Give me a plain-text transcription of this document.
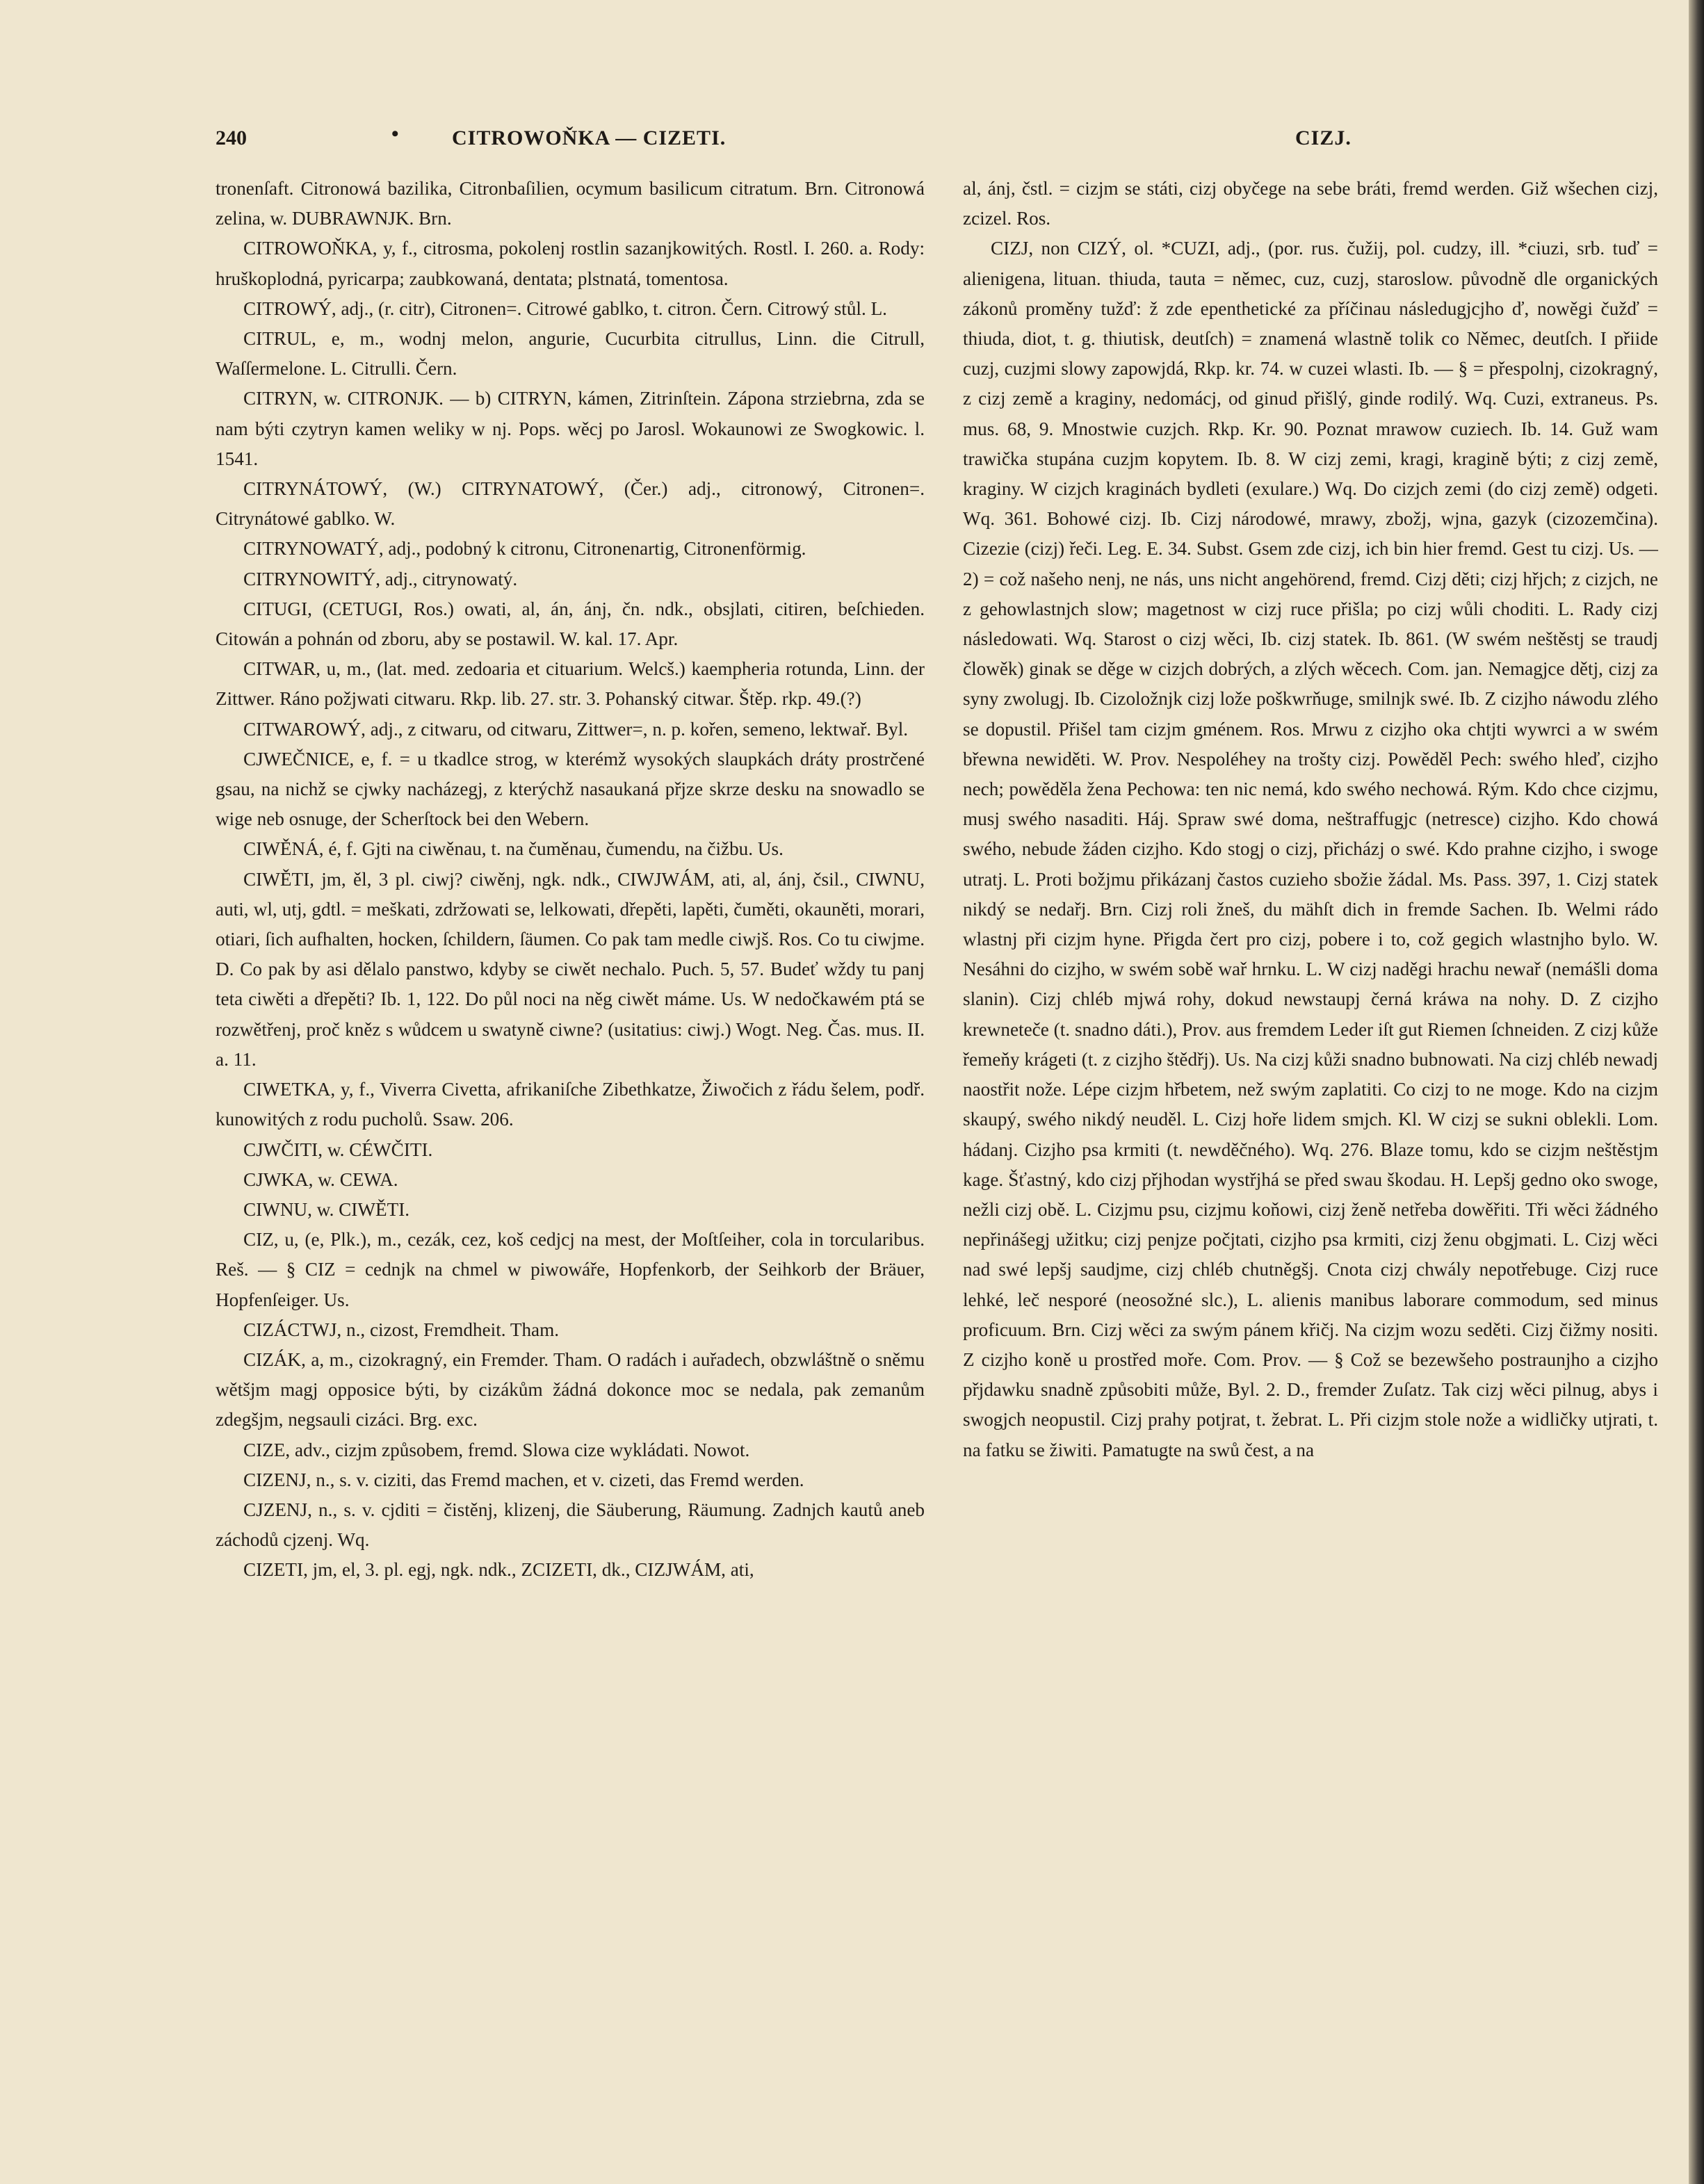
240	•	CITROWOŇKA — CIZETI.	CIZJ.

tronenſaft. Citronowá bazilika, Citronbaſilien, ocymum basilicum citratum. Brn. Citronowá zelina, w. DUBRAWNJK. Brn.

CITROWOŇKA, y, f., citrosma, pokolenj rostlin sazanjkowitých. Rostl. I. 260. a. Rody: hruškoplodná, pyricarpa; zaubkowaná, dentata; plstnatá, tomentosa.

CITROWÝ, adj., (r. citr), Citronen=. Citrowé gablko, t. citron. Čern. Citrowý stůl. L.

CITRUL, e, m., wodnj melon, angurie, Cucurbita citrullus, Linn. die Citrull, Waſſermelone. L. Citrulli. Čern.

CITRYN, w. CITRONJK. — b) CITRYN, kámen, Zitrinſtein. Zápona strziebrna, zda se nam býti czytryn kamen weliky w nj. Pops. wěcj po Jarosl. Wokaunowi ze Swogkowic. l. 1541.

CITRYNÁTOWÝ, (W.) CITRYNATOWÝ, (Čer.) adj., citronowý, Citronen=. Citrynátowé gablko. W.

CITRYNOWATÝ, adj., podobný k citronu, Citronenartig, Citronenförmig.

CITRYNOWITÝ, adj., citrynowatý.

CITUGI, (CETUGI, Ros.) owati, al, án, ánj, čn. ndk., obsjlati, citiren, beſchieden. Citowán a pohnán od zboru, aby se postawil. W. kal. 17. Apr.

CITWAR, u, m., (lat. med. zedoaria et cituarium. Welcš.) kaempheria rotunda, Linn. der Zittwer. Ráno požjwati citwaru. Rkp. lib. 27. str. 3. Pohanský citwar. Štěp. rkp. 49.(?)

CITWAROWÝ, adj., z citwaru, od citwaru, Zittwer=, n. p. kořen, semeno, lektwař. Byl.

CJWEČNICE, e, f. = u tkadlce strog, w kterémž wysokých slaupkách dráty prostrčené gsau, na nichž se cjwky nacházegj, z kterýchž nasaukaná přjze skrze desku na snowadlo se wige neb osnuge, der Scherſtock bei den Webern.

CIWĚNÁ, é, f. Gjti na ciwěnau, t. na čuměnau, čumendu, na čižbu. Us.

CIWĚTI, jm, ěl, 3 pl. ciwj? ciwěnj, ngk. ndk., CIWJWÁM, ati, al, ánj, čsil., CIWNU, auti, wl, utj, gdtl. = meškati, zdržowati se, lelkowati, dřepěti, lapěti, čuměti, okauněti, morari, otiari, ſich aufhalten, hocken, ſchildern, ſäumen. Co pak tam medle ciwjš. Ros. Co tu ciwjme. D. Co pak by asi dělalo panstwo, kdyby se ciwět nechalo. Puch. 5, 57. Budeť wždy tu panj teta ciwěti a dřepěti? Ib. 1, 122. Do půl noci na něg ciwět máme. Us. W nedočkawém ptá se rozwětřenj, proč kněz s wůdcem u swatyně ciwne? (usitatius: ciwj.) Wogt. Neg. Čas. mus. II. a. 11.

CIWETKA, y, f., Viverra Civetta, afrikaniſche Zibethkatze, Žiwočich z řádu šelem, podř. kunowitých z rodu pucholů. Ssaw. 206.

CJWČITI, w. CÉWČITI.

CJWKA, w. CEWA.

CIWNU, w. CIWĚTI.

CIZ, u, (e, Plk.), m., cezák, cez, koš cedjcj na mest, der Moſtſeiher, cola in torcularibus. Reš. — § CIZ = cednjk na chmel w piwowáře, Hopfenkorb, der Seihkorb der Bräuer, Hopfenſeiger. Us.

CIZÁCTWJ, n., cizost, Fremdheit. Tham.

CIZÁK, a, m., cizokragný, ein Fremder. Tham. O radách i auřadech, obzwláštně o sněmu wětšjm magj opposice býti, by cizákům žádná dokonce moc se nedala, pak zemanům zdegšjm, negsauli cizáci. Brg. exc.

CIZE, adv., cizjm způsobem, fremd. Slowa cize wykládati. Nowot.

CIZENJ, n., s. v. ciziti, das Fremd machen, et v. cizeti, das Fremd werden.

CJZENJ, n., s. v. cjditi = čistěnj, klizenj, die Säuberung, Räumung. Zadnjch kautů aneb záchodů cjzenj. Wq.

CIZETI, jm, el, 3. pl. egj, ngk. ndk., ZCIZETI, dk., CIZJWÁM, ati,

al, ánj, čstl. = cizjm se státi, cizj obyčege na sebe bráti, fremd werden. Giž wšechen cizj, zcizel. Ros.

CIZJ, non CIZÝ, ol. *CUZI, adj., (por. rus. čužij, pol. cudzy, ill. *ciuzi, srb. tuď = alienigena, lituan. thiuda, tauta = němec, cuz, cuzj, staroslow. původně dle organických zákonů proměny tužď: ž zde epenthetické za příčinau následugjcjho ď, nowěgi čužď = thiuda, diot, t. g. thiutisk, deutſch) = znamená wlastně tolik co Němec, deutſch. I přiide cuzj, cuzjmi slowy zapowjdá, Rkp. kr. 74. w cuzei wlasti. Ib. — § = přespolnj, cizokragný, z cizj země a kraginy, nedomácj, od ginud přišlý, ginde rodilý. Wq. Cuzi, extraneus. Ps. mus. 68, 9. Mnostwie cuzjch. Rkp. Kr. 90. Poznat mrawow cuziech. Ib. 14. Guž wam trawička stupána cuzjm kopytem. Ib. 8. W cizj zemi, kragi, kragině býti; z cizj země, kraginy. W cizjch kraginách bydleti (exulare.) Wq. Do cizjch zemi (do cizj země) odgeti. Wq. 361. Bohowé cizj. Ib. Cizj národowé, mrawy, zbožj, wjna, gazyk (cizozemčina). Cizezie (cizj) řeči. Leg. E. 34. Subst. Gsem zde cizj, ich bin hier fremd. Gest tu cizj. Us. — 2) = což našeho nenj, ne nás, uns nicht angehörend, fremd. Cizj děti; cizj hřjch; z cizjch, ne z gehowlastnjch slow; magetnost w cizj ruce přišla; po cizj wůli choditi. L. Rady cizj následowati. Wq. Starost o cizj wěci, Ib. cizj statek. Ib. 861. (W swém neštěstj se traudj člowěk) ginak se děge w cizjch dobrých, a zlých wěcech. Com. jan. Nemagjce dětj, cizj za syny zwolugj. Ib. Cizoložnjk cizj lože poškwrňuge, smilnjk swé. Ib. Z cizjho náwodu zlého se dopustil. Přišel tam cizjm gménem. Ros. Mrwu z cizjho oka chtjti wywrci a w swém břewna newiděti. W. Prov. Nespoléhey na trošty cizj. Powěděl Pech: swého hleď, cizjho nech; powěděla žena Pechowa: ten nic nemá, kdo swého nechowá. Rým. Kdo chce cizjmu, musj swého nasaditi. Háj. Spraw swé doma, neštraffugjc (netresce) cizjho. Kdo chowá swého, nebude žáden cizjho. Kdo stogj o cizj, přicházj o swé. Kdo prahne cizjho, i swoge utratj. L. Proti božjmu přikázanj častos cuzieho sbožie žádal. Ms. Pass. 397, 1. Cizj statek nikdý se nedařj. Brn. Cizj roli žneš, du mähſt dich in fremde Sachen. Ib. Welmi rádo wlastnj při cizjm hyne. Přigda čert pro cizj, pobere i to, což gegich wlastnjho bylo. W. Nesáhni do cizjho, w swém sobě wař hrnku. L. W cizj naděgi hrachu newař (nemášli doma slanin). Cizj chléb mjwá rohy, dokud newstaupj černá kráwa na nohy. D. Z cizjho krewneteče (t. snadno dáti.), Prov. aus fremdem Leder iſt gut Riemen ſchneiden. Z cizj kůže řemeňy krágeti (t. z cizjho štědřj). Us. Na cizj kůži snadno bubnowati. Na cizj chléb newadj naostřit nože. Lépe cizjm hřbetem, než swým zaplatiti. Co cizj to ne moge. Kdo na cizjm skaupý, swého nikdý neuděl. L. Cizj hoře lidem smjch. Kl. W cizj se sukni oblekli. Lom. hádanj. Cizjho psa krmiti (t. newděčného). Wq. 276. Blaze tomu, kdo se cizjm neštěstjm kage. Šťastný, kdo cizj přjhodan wystřjhá se před swau škodau. H. Lepšj gedno oko swoge, nežli cizj obě. L. Cizjmu psu, cizjmu koňowi, cizj ženě netřeba dowěřiti. Tři wěci žádného nepřinášegj užitku; cizj penjze počjtati, cizjho psa krmiti, cizj ženu obgjmati. L. Cizj wěci nad swé lepšj saudjme, cizj chléb chutněgšj. Cnota cizj chwály nepotřebuge. Cizj ruce lehké, leč nesporé (neosožné slc.), L. alienis manibus laborare commodum, sed minus proficuum. Brn. Cizj wěci za swým pánem křičj. Na cizjm wozu seděti. Cizj čižmy nositi. Z cizjho koně u prostřed moře. Com. Prov. — § Což se bezewšeho postraunjho a cizjho přjdawku snadně způsobiti může, Byl. 2. D., fremder Zuſatz. Tak cizj wěci pilnug, abys i swogjch neopustil. Cizj prahy potjrat, t. žebrat. L. Při cizjm stole nože a widličky utjrati, t. na fatku se žiwiti. Pamatugte na swů čest, a na
